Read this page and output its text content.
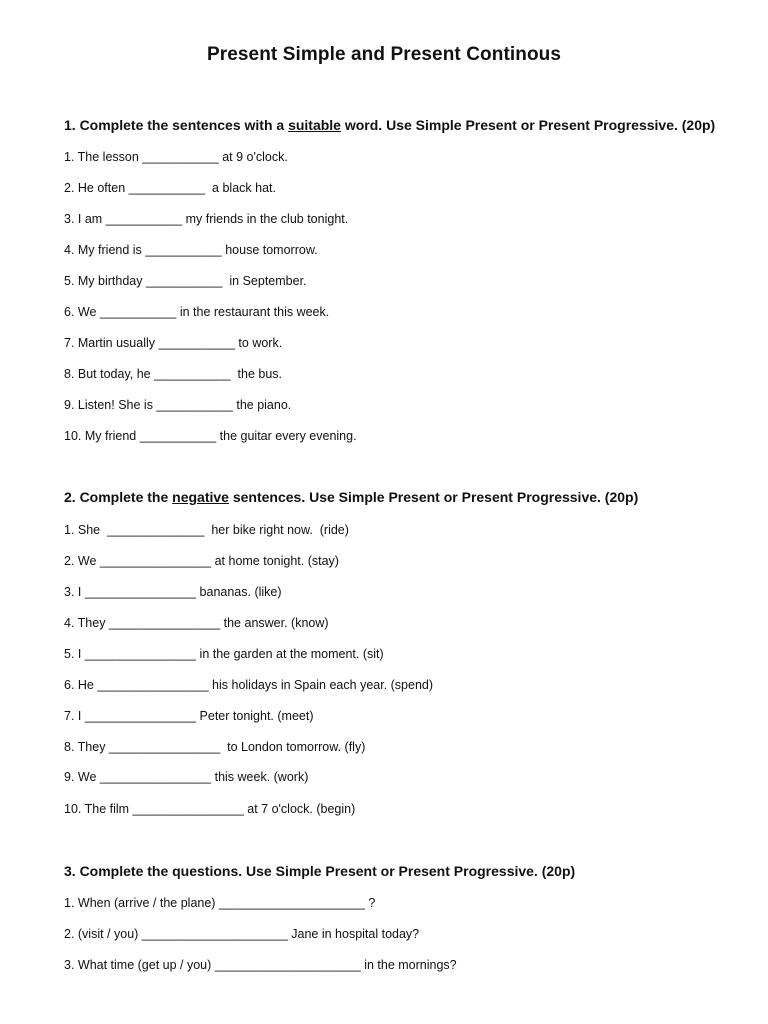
Present Simple and Present Continous
1. Complete the sentences with a suitable word. Use Simple Present or Present Progressive. (20p)
1. The lesson ___________ at 9 o'clock.
2. He often ___________  a black hat.
3. I am ___________ my friends in the club tonight.
4. My friend is ___________ house tomorrow.
5. My birthday ___________  in September.
6. We ___________ in the restaurant this week.
7. Martin usually ___________ to work.
8. But today, he ___________  the bus.
9. Listen! She is ___________ the piano.
10. My friend ___________ the guitar every evening.
2. Complete the negative sentences. Use Simple Present or Present Progressive. (20p)
1. She  ______________  her bike right now.  (ride)
2. We ________________ at home tonight. (stay)
3. I ________________ bananas. (like)
4. They ________________ the answer. (know)
5. I ________________ in the garden at the moment. (sit)
6. He ________________ his holidays in Spain each year. (spend)
7. I ________________ Peter tonight. (meet)
8. They ________________  to London tomorrow. (fly)
9. We ________________ this week. (work)
10. The film ________________ at 7 o'clock. (begin)
3. Complete the questions. Use Simple Present or Present Progressive. (20p)
1. When (arrive / the plane) _____________________ ?
2. (visit / you) _____________________ Jane in hospital today?
3. What time (get up / you) _____________________ in the mornings?
